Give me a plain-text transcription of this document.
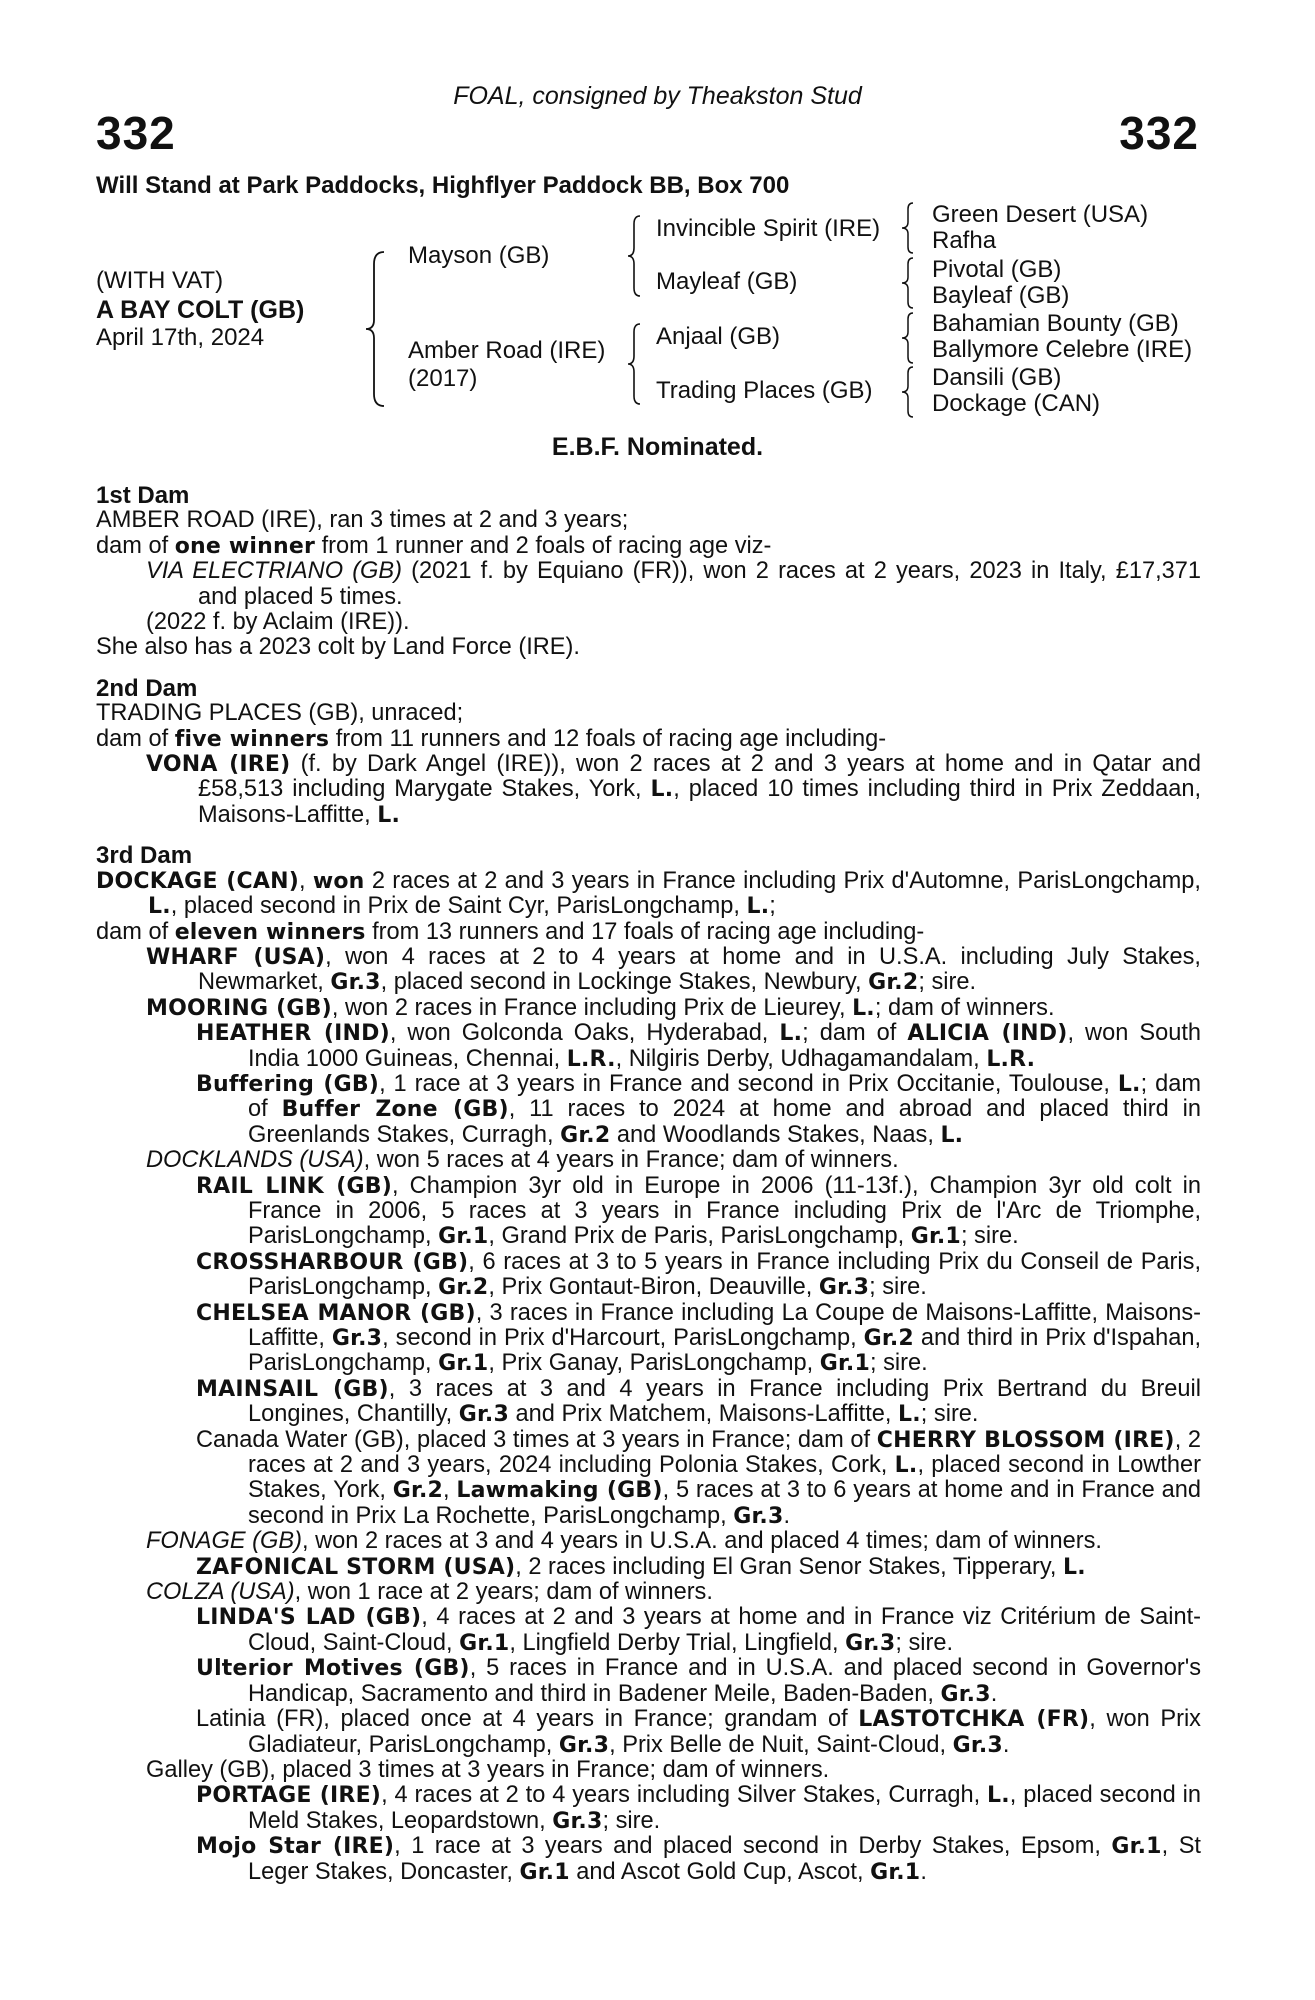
FOAL, consigned by Theakston Stud
332	332
Will Stand at Park Paddocks, Highflyer Paddock BB, Box 700
(WITH VAT)
A BAY COLT (GB)
April 17th, 2024
Mayson (GB)
Amber Road (IRE)
(2017)
Invincible Spirit (IRE)
Mayleaf (GB)
Anjaal (GB)
Trading Places (GB)
Green Desert (USA)
Rafha
Pivotal (GB)
Bayleaf (GB)
Bahamian Bounty (GB)
Ballymore Celebre (IRE)
Dansili (GB)
Dockage (CAN)
E.B.F. Nominated.
1st Dam
AMBER ROAD (IRE), ran 3 times at 2 and 3 years;
dam of one winner from 1 runner and 2 foals of racing age viz-
VIA ELECTRIANO (GB) (2021 f. by Equiano (FR)), won 2 races at 2 years, 2023 in Italy, £17,371 and placed 5 times.
(2022 f. by Aclaim (IRE)).
She also has a 2023 colt by Land Force (IRE).
2nd Dam
TRADING PLACES (GB), unraced;
dam of five winners from 11 runners and 12 foals of racing age including-
VONA (IRE) (f. by Dark Angel (IRE)), won 2 races at 2 and 3 years at home and in Qatar and £58,513 including Marygate Stakes, York, L., placed 10 times including third in Prix Zeddaan, Maisons-Laffitte, L.
3rd Dam
DOCKAGE (CAN), won 2 races at 2 and 3 years in France including Prix d'Automne, ParisLongchamp, L., placed second in Prix de Saint Cyr, ParisLongchamp, L.;
dam of eleven winners from 13 runners and 17 foals of racing age including-
WHARF (USA), won 4 races at 2 to 4 years at home and in U.S.A. including July Stakes, Newmarket, Gr.3, placed second in Lockinge Stakes, Newbury, Gr.2; sire.
MOORING (GB), won 2 races in France including Prix de Lieurey, L.; dam of winners.
HEATHER (IND), won Golconda Oaks, Hyderabad, L.; dam of ALICIA (IND), won South India 1000 Guineas, Chennai, L.R., Nilgiris Derby, Udhagamandalam, L.R.
Buffering (GB), 1 race at 3 years in France and second in Prix Occitanie, Toulouse, L.; dam of Buffer Zone (GB), 11 races to 2024 at home and abroad and placed third in Greenlands Stakes, Curragh, Gr.2 and Woodlands Stakes, Naas, L.
DOCKLANDS (USA), won 5 races at 4 years in France; dam of winners.
RAIL LINK (GB), Champion 3yr old in Europe in 2006 (11-13f.), Champion 3yr old colt in France in 2006, 5 races at 3 years in France including Prix de l'Arc de Triomphe, ParisLongchamp, Gr.1, Grand Prix de Paris, ParisLongchamp, Gr.1; sire.
CROSSHARBOUR (GB), 6 races at 3 to 5 years in France including Prix du Conseil de Paris, ParisLongchamp, Gr.2, Prix Gontaut-Biron, Deauville, Gr.3; sire.
CHELSEA MANOR (GB), 3 races in France including La Coupe de Maisons-Laffitte, Maisons-Laffitte, Gr.3, second in Prix d'Harcourt, ParisLongchamp, Gr.2 and third in Prix d'Ispahan, ParisLongchamp, Gr.1, Prix Ganay, ParisLongchamp, Gr.1; sire.
MAINSAIL (GB), 3 races at 3 and 4 years in France including Prix Bertrand du Breuil Longines, Chantilly, Gr.3 and Prix Matchem, Maisons-Laffitte, L.; sire.
Canada Water (GB), placed 3 times at 3 years in France; dam of CHERRY BLOSSOM (IRE), 2 races at 2 and 3 years, 2024 including Polonia Stakes, Cork, L., placed second in Lowther Stakes, York, Gr.2, Lawmaking (GB), 5 races at 3 to 6 years at home and in France and second in Prix La Rochette, ParisLongchamp, Gr.3.
FONAGE (GB), won 2 races at 3 and 4 years in U.S.A. and placed 4 times; dam of winners.
ZAFONICAL STORM (USA), 2 races including El Gran Senor Stakes, Tipperary, L.
COLZA (USA), won 1 race at 2 years; dam of winners.
LINDA'S LAD (GB), 4 races at 2 and 3 years at home and in France viz Critérium de Saint-Cloud, Saint-Cloud, Gr.1, Lingfield Derby Trial, Lingfield, Gr.3; sire.
Ulterior Motives (GB), 5 races in France and in U.S.A. and placed second in Governor's Handicap, Sacramento and third in Badener Meile, Baden-Baden, Gr.3.
Latinia (FR), placed once at 4 years in France; grandam of LASTOTCHKA (FR), won Prix Gladiateur, ParisLongchamp, Gr.3, Prix Belle de Nuit, Saint-Cloud, Gr.3.
Galley (GB), placed 3 times at 3 years in France; dam of winners.
PORTAGE (IRE), 4 races at 2 to 4 years including Silver Stakes, Curragh, L., placed second in Meld Stakes, Leopardstown, Gr.3; sire.
Mojo Star (IRE), 1 race at 3 years and placed second in Derby Stakes, Epsom, Gr.1, St Leger Stakes, Doncaster, Gr.1 and Ascot Gold Cup, Ascot, Gr.1.
